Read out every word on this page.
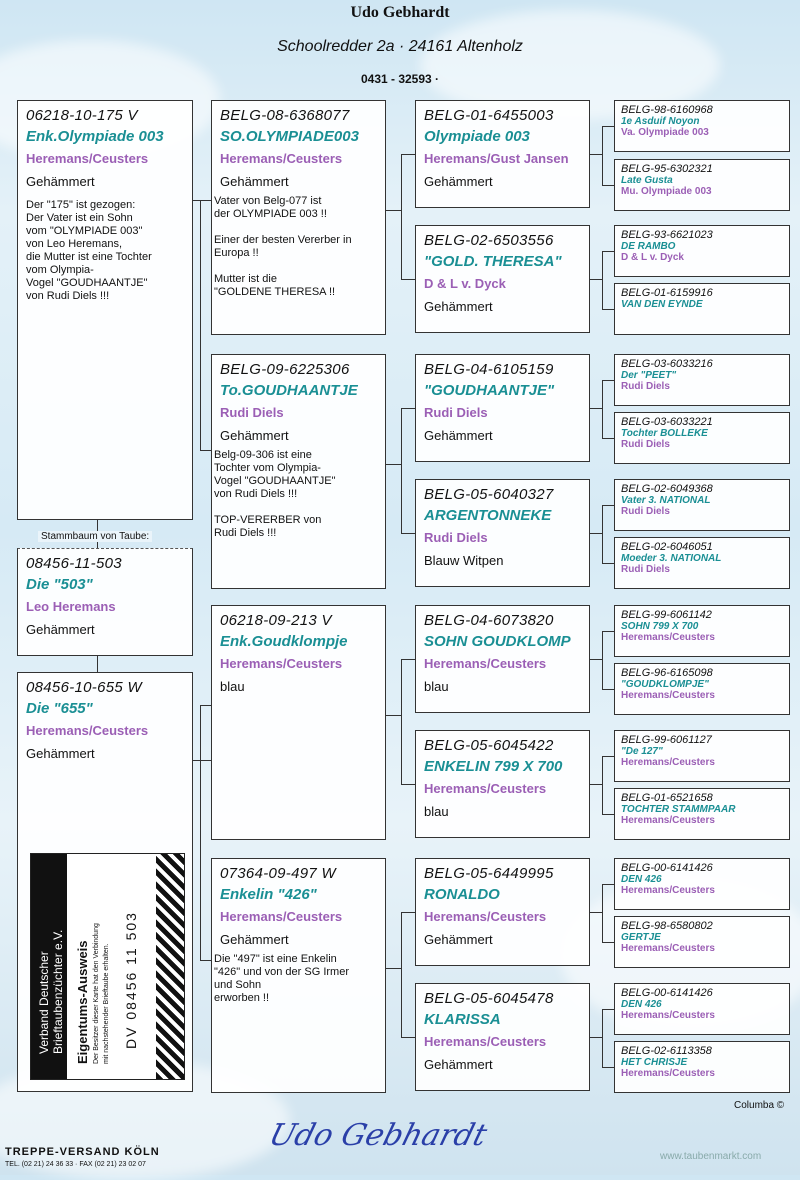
Udo Gebhardt
Schoolredder 2a · 24161 Altenholz
0431 - 32593 ·
Stammbaum von Taube:
06218-10-175 V
Enk.Olympiade 003
Heremans/Ceusters
Gehämmert
Der "175" ist gezogen:
Der Vater ist ein Sohn
vom "OLYMPIADE 003"
von Leo Heremans,
die Mutter ist eine Tochter
vom Olympia-
Vogel "GOUDHAANTJE"
von Rudi Diels !!!
08456-11-503
Die "503"
Leo Heremans
Gehämmert
08456-10-655 W
Die "655"
Heremans/Ceusters
Gehämmert
Verband Deutscher Brieftaubenzüchter e.V. Eigentums-Ausweis Der Besitzer dieser Karte hat den Verbindung mit nachstehender Brieftaube erhalten. DV 08456 11 503
BELG-08-6368077
SO.OLYMPIADE003
Heremans/Ceusters
Gehämmert
Vater von Belg-077 ist
der OLYMPIADE 003 !!
Einer der besten Vererber in
Europa !!
Mutter ist die
"GOLDENE THERESA !!
BELG-09-6225306
To.GOUDHAANTJE
Rudi Diels
Gehämmert
Belg-09-306 ist eine
Tochter vom Olympia-
Vogel "GOUDHAANTJE"
von Rudi Diels !!!
TOP-VERERBER von
Rudi Diels !!!
06218-09-213 V
Enk.Goudklompje
Heremans/Ceusters
blau
07364-09-497 W
Enkelin "426"
Heremans/Ceusters
Gehämmert
Die "497" ist eine Enkelin
"426" und von der SG Irmer
und Sohn
erworben !!
BELG-01-6455003
Olympiade 003
Heremans/Gust Jansen
Gehämmert
BELG-02-6503556
"GOLD. THERESA"
D & L v. Dyck
Gehämmert
BELG-04-6105159
"GOUDHAANTJE"
Rudi Diels
Gehämmert
BELG-05-6040327
ARGENTONNEKE
Rudi Diels
Blauw Witpen
BELG-04-6073820
SOHN GOUDKLOMP
Heremans/Ceusters
blau
BELG-05-6045422
ENKELIN 799 X 700
Heremans/Ceusters
blau
BELG-05-6449995
RONALDO
Heremans/Ceusters
Gehämmert
BELG-05-6045478
KLARISSA
Heremans/Ceusters
Gehämmert
BELG-98-6160968
1e Asduif Noyon
Va. Olympiade 003
BELG-95-6302321
Late Gusta
Mu. Olympiade 003
BELG-93-6621023
DE RAMBO
D & L v. Dyck
BELG-01-6159916
VAN DEN EYNDE
BELG-03-6033216
Der "PEET"
Rudi Diels
BELG-03-6033221
Tochter BOLLEKE
Rudi Diels
BELG-02-6049368
Vater 3. NATIONAL
Rudi Diels
BELG-02-6046051
Moeder 3. NATIONAL
Rudi Diels
BELG-99-6061142
SOHN 799 X 700
Heremans/Ceusters
BELG-96-6165098
"GOUDKLOMPJE"
Heremans/Ceusters
BELG-99-6061127
"De 127"
Heremans/Ceusters
BELG-01-6521658
TOCHTER STAMMPAAR
Heremans/Ceusters
BELG-00-6141426
DEN 426
Heremans/Ceusters
BELG-98-6580802
GERTJE
Heremans/Ceusters
BELG-00-6141426
DEN 426
Heremans/Ceusters
BELG-02-6113358
HET CHRISJE
Heremans/Ceusters
Columba ©
Udo Gebhardt
TREPPE-VERSAND KÖLN
TEL. (02 21) 24 36 33 · FAX (02 21) 23 02 07
www.taubenmarkt.com
